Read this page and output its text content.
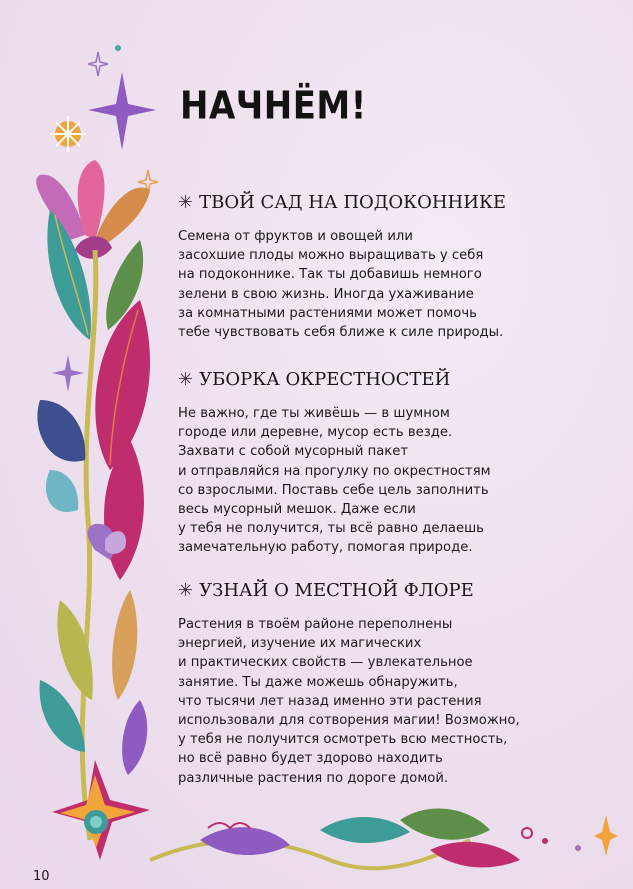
НАЧНЁМ!
✳ ТВОЙ САД НА ПОДОКОННИКЕ

Семена от фруктов и овощей или
засохшие плоды можно выращивать у себя
на подоконнике. Так ты добавишь немного
зелени в свою жизнь. Иногда ухаживание
за комнатными растениями может помочь
тебе чувствовать себя ближе к силе природы.

✳ УБОРКА ОКРЕСТНОСТЕЙ

Не важно, где ты живёшь — в шумном
городе или деревне, мусор есть везде.
Захвати с собой мусорный пакет
и отправляйся на прогулку по окрестностям
со взрослыми. Поставь себе цель заполнить
весь мусорный мешок. Даже если
у тебя не получится, ты всё равно делаешь
замечательную работу, помогая природе.

✳ УЗНАЙ О МЕСТНОЙ ФЛОРЕ

Растения в твоём районе переполнены
энергией, изучение их магических
и практических свойств — увлекательное
занятие. Ты даже можешь обнаружить,
что тысячи лет назад именно эти растения
использовали для сотворения магии! Возможно,
у тебя не получится осмотреть всю местность,
но всё равно будет здорово находить
различные растения по дороге домой.

10
